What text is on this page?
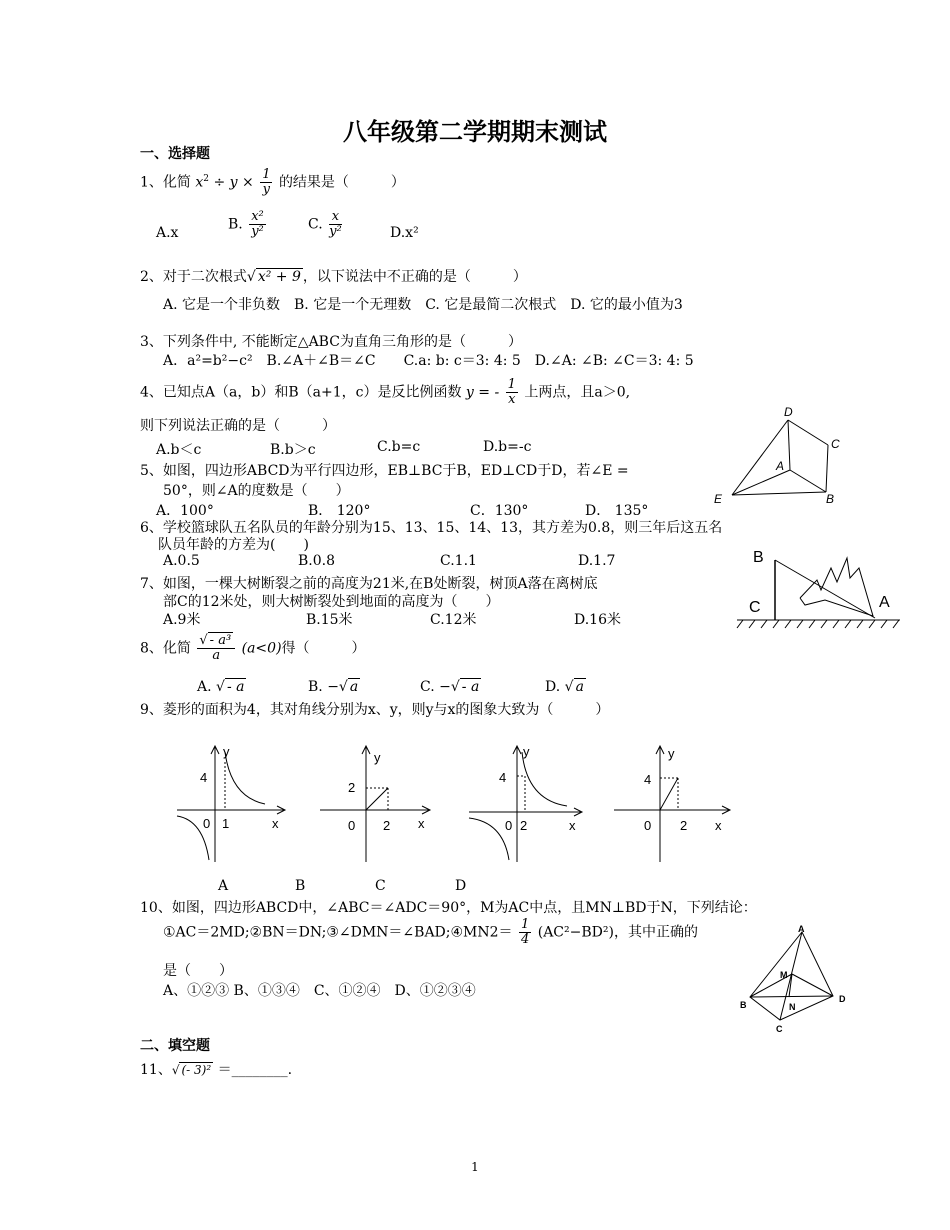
八年级第二学期期末测试
一、选择题
1、化简 $x^2 \div y \times \frac{1}{y}$ 的结果是（　　　）
A.x
B. $\frac{\text{x²}}{\text{y²}}$	C. $\frac{x}{\text{y²}}$	D.x²
2、对于二次根式√ x² + 9 ，以下说法中不正确的是（　　　）
A. 它是一个非负数　B. 它是一个无理数　C. 它是最简二次根式　D. 它的最小值为3
3、下列条件中, 不能断定△ABC为直角三角形的是（　　　）
A．a²=b²−c²　B.∠A＋∠B＝∠C　　C.a: b: c＝3: 4: 5　D.∠A: ∠B: ∠C＝3: 4: 5
4、已知点A（a，b）和B（a+1，c）是反比例函数 y = - $\frac{1}{x}$ 上两点，且a＞0,
则下列说法正确的是（　　　）
A.b＜c	B.b＞c	C.b=c	D.b=-c
5、如图，四边形ABCD为平行四边形，EB⊥BC于B，ED⊥CD于D，若∠E =
50°，则∠A的度数是（　　）
A．100°	B． 120°	C．130°	D． 135°
D
C
A
E	B
6、学校篮球队五名队员的年龄分别为15、13、15、14、13，其方差为0.8，则三年后这五名
队员年龄的方差为(　　)
A.0.5	B.0.8	C.1.1	D.1.7
7、如图，一棵大树断裂之前的高度为21米,在B处断裂，树顶A落在离树底
部C的12米处，则大树断裂处到地面的高度为（　　）
A.9米	B.15米	C.12米	D.16米
B
C	A
8、化简 $\frac{\text{√ - a³}}{a} (a<0)$得（　　　）
A. √ - a	B. −√ a	C. −√ - a	D. √ a
9、菱形的面积为4，其对角线分别为x、y，则y与x的图象大致为（　　　）
y
4
0 1	x
y
2
0 2 x
y
4
0 2	x
y
4
0 2 x
A	B	C	D
10、如图，四边形ABCD中，∠ABC＝∠ADC＝90°，M为AC中点，且MN⊥BD于N，下列结论：
①AC＝2MD;②BN＝DN;③∠DMN＝∠BAD;④MN2＝ $\frac{1}{4} (AC^2-BD^2)$，其中正确的
是（　　）
A、①②③ B、①③④　C、①②④　D、①②③④
A
M
B	N
D
C
二、填空题
11、√ (- 3)² ＝________.
1
